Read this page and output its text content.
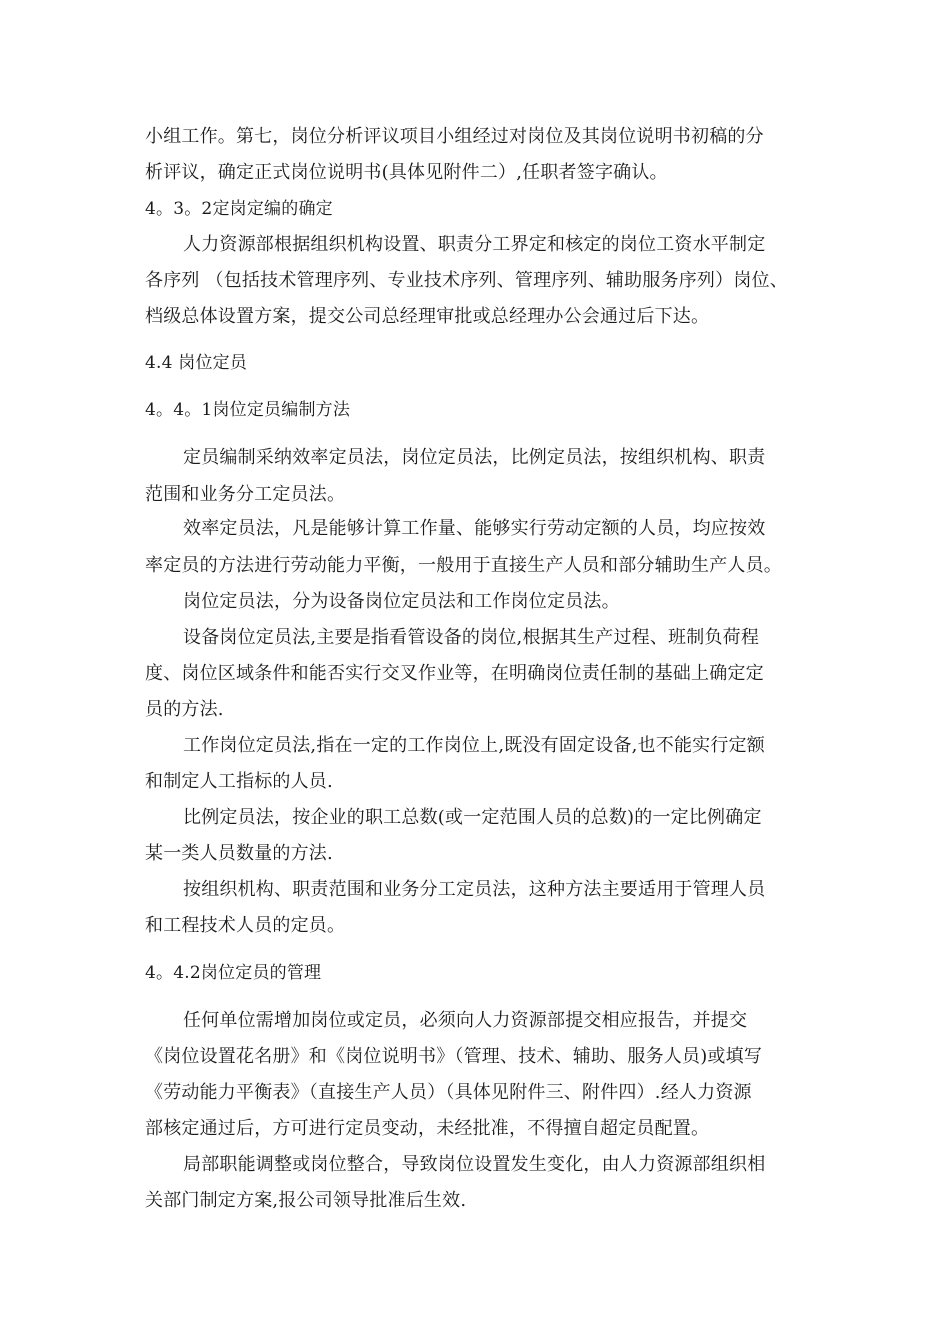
小组工作。第七，岗位分析评议项目小组经过对岗位及其岗位说明书初稿的分
析评议，确定正式岗位说明书(具体见附件二）,任职者签字确认。
4。3。2定岗定编的确定
人力资源部根据组织机构设置、职责分工界定和核定的岗位工资水平制定
各序列 （包括技术管理序列、专业技术序列、管理序列、辅助服务序列）岗位、
档级总体设置方案，提交公司总经理审批或总经理办公会通过后下达。
4.4 岗位定员
4。4。1岗位定员编制方法
定员编制采纳效率定员法，岗位定员法，比例定员法，按组织机构、职责
范围和业务分工定员法。
效率定员法，凡是能够计算工作量、能够实行劳动定额的人员，均应按效
率定员的方法进行劳动能力平衡，一般用于直接生产人员和部分辅助生产人员。
岗位定员法，分为设备岗位定员法和工作岗位定员法。
设备岗位定员法,主要是指看管设备的岗位,根据其生产过程、班制负荷程
度、岗位区域条件和能否实行交叉作业等，在明确岗位责任制的基础上确定定
员的方法.
工作岗位定员法,指在一定的工作岗位上,既没有固定设备,也不能实行定额
和制定人工指标的人员.
比例定员法，按企业的职工总数(或一定范围人员的总数)的一定比例确定
某一类人员数量的方法.
按组织机构、职责范围和业务分工定员法，这种方法主要适用于管理人员
和工程技术人员的定员。
4。4.2岗位定员的管理
任何单位需增加岗位或定员，必须向人力资源部提交相应报告，并提交
《岗位设置花名册》和《岗位说明书》（管理、技术、辅助、服务人员)或填写
《劳动能力平衡表》（直接生产人员）（具体见附件三、附件四）.经人力资源
部核定通过后，方可进行定员变动，未经批准，不得擅自超定员配置。
局部职能调整或岗位整合，导致岗位设置发生变化，由人力资源部组织相
关部门制定方案,报公司领导批准后生效.
